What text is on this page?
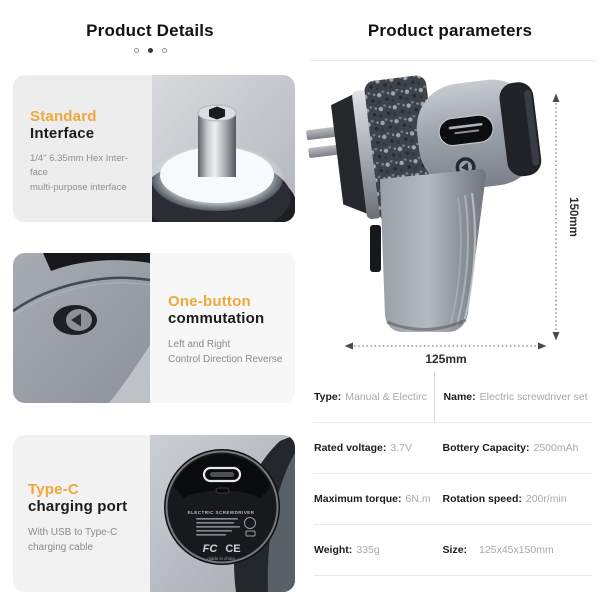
Product Details
Standard
Interface

1/4" 6.35mm Hex Inter-

face

multi-purpose interface

One-button
commutation

Left and Right

Control Direction Reverse

Type-C
charging port

With USB to Type-C

charging cable

ELECTRIC SCREWDRIVER
FC CE
made in china
Product parameters
150mm
125mm
Type: Manual & Electirc Name: Electric screwdriver set
Rated voltage: 3.7V	Bottery Capacity: 2500mAh
Maximum torque: 6N.m Rotation speed: 200r/min
Weight: 335g	Size: 125x45x150mm
